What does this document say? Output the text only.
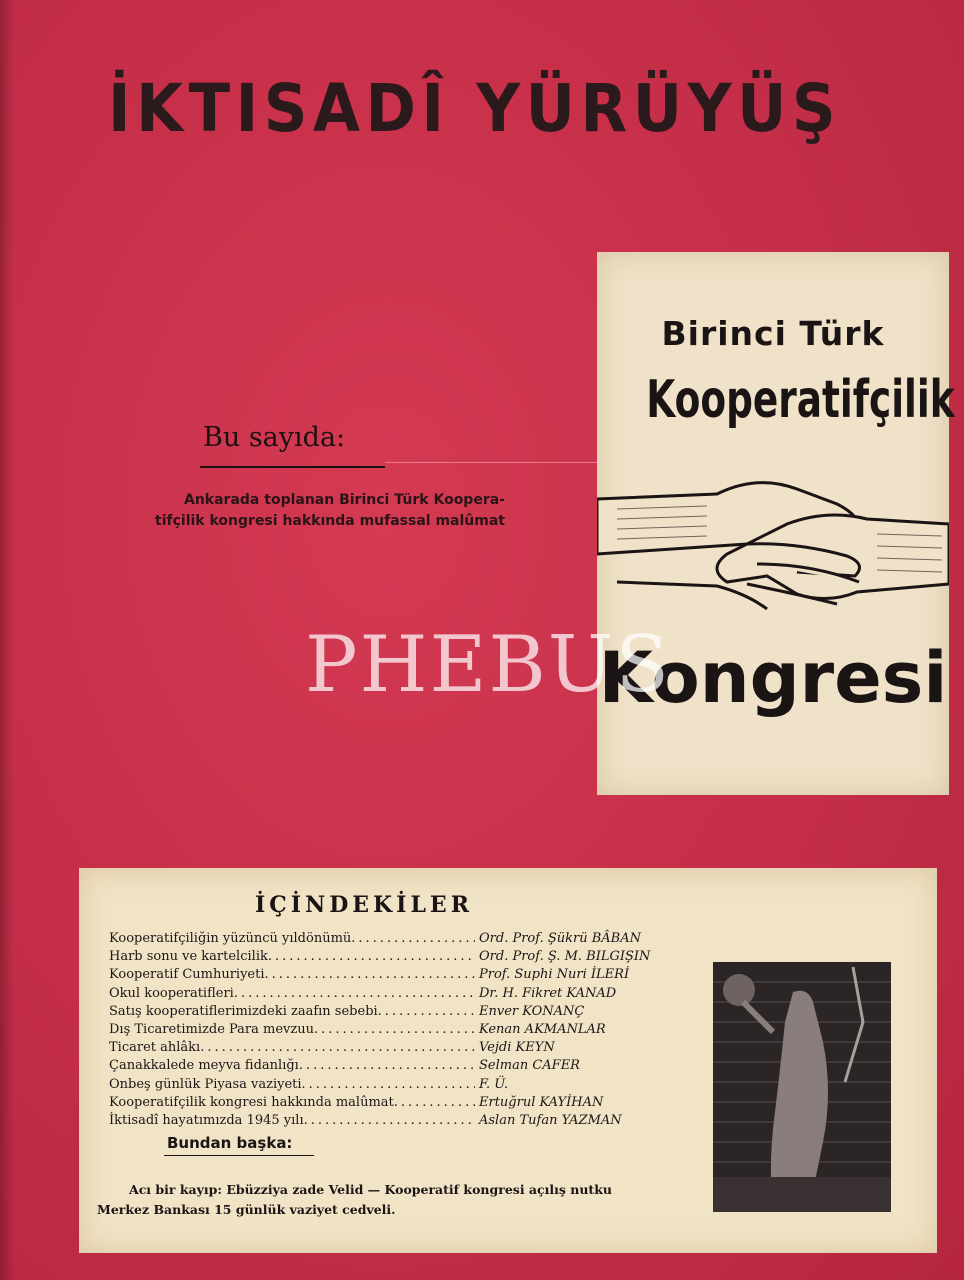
İKTISADÎ YÜRÜYÜŞ
Bu sayıda:
Ankarada toplanan Birinci Türk Koopera-
tifçilik kongresi hakkında mufassal malûmat
Birinci Türk
Kooperatifçilik
Kongresi
PHEBUS
İÇİNDEKİLER
Kooperatifçiliğin yüzüncü yıldönümü .....	Ord. Prof. Şükrü BÂBAN
Harb sonu ve kartelcilik .....	Ord. Prof. Ş. M. BILGIŞIN
Kooperatif Cumhuriyeti .....	Prof. Suphi Nuri İLERİ
Okul kooperatifleri .....	Dr. H. Fikret KANAD
Satış kooperatiflerimizdeki zaafın sebebi .....	Enver KONANÇ
Dış Ticaretimizde Para mevzuu .....	Kenan AKMANLAR
Ticaret ahlâkı .....	Vejdi KEYN
Çanakkalede meyva fidanlığı .....	Selman CAFER
Onbeş günlük Piyasa vaziyeti .....	F. Ü.
Kooperatifçilik kongresi hakkında malûmat .....	Ertuğrul KAYİHAN
İktisadî hayatımızda 1945 yılı .....	Aslan Tufan YAZMAN
Bundan başka:
Acı bir kayıp: Ebüzziya zade Velid — Kooperatif kongresi açılış nutku
Merkez Bankası 15 günlük vaziyet cedveli.
